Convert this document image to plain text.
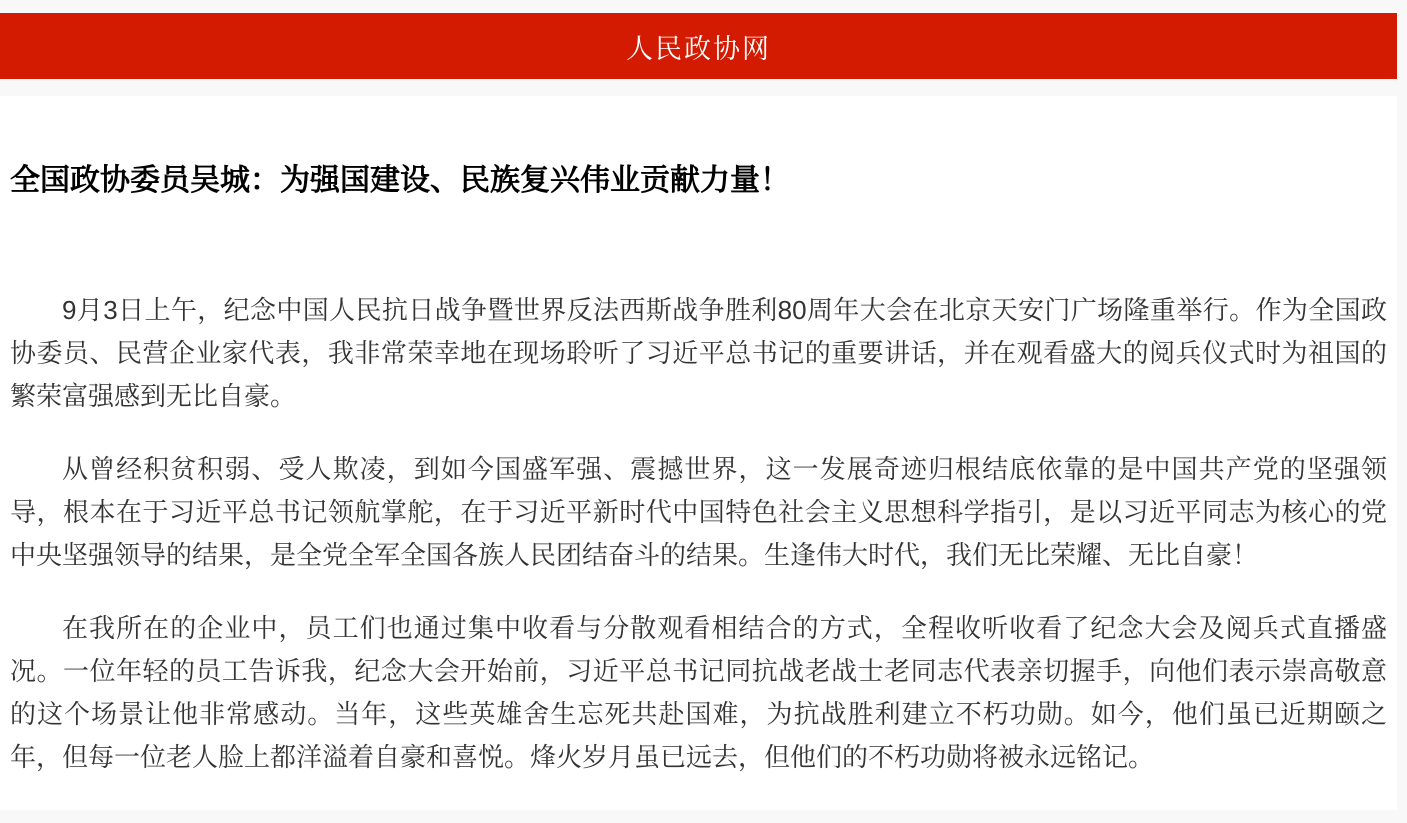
人民政协网
全国政协委员吴城：为强国建设、民族复兴伟业贡献力量！

9月3日上午，纪念中国人民抗日战争暨世界反法西斯战争胜利80周年大会在北京天安门广场隆重举行。作为全国政协委员、民营企业家代表，我非常荣幸地在现场聆听了习近平总书记的重要讲话，并在观看盛大的阅兵仪式时为祖国的繁荣富强感到无比自豪。

从曾经积贫积弱、受人欺凌，到如今国盛军强、震撼世界，这一发展奇迹归根结底依靠的是中国共产党的坚强领导，根本在于习近平总书记领航掌舵，在于习近平新时代中国特色社会主义思想科学指引，是以习近平同志为核心的党中央坚强领导的结果，是全党全军全国各族人民团结奋斗的结果。生逢伟大时代，我们无比荣耀、无比自豪！

在我所在的企业中，员工们也通过集中收看与分散观看相结合的方式，全程收听收看了纪念大会及阅兵式直播盛况。一位年轻的员工告诉我，纪念大会开始前，习近平总书记同抗战老战士老同志代表亲切握手，向他们表示崇高敬意的这个场景让他非常感动。当年，这些英雄舍生忘死共赴国难，为抗战胜利建立不朽功勋。如今，他们虽已近期颐之年，但每一位老人脸上都洋溢着自豪和喜悦。烽火岁月虽已远去，但他们的不朽功勋将被永远铭记。
